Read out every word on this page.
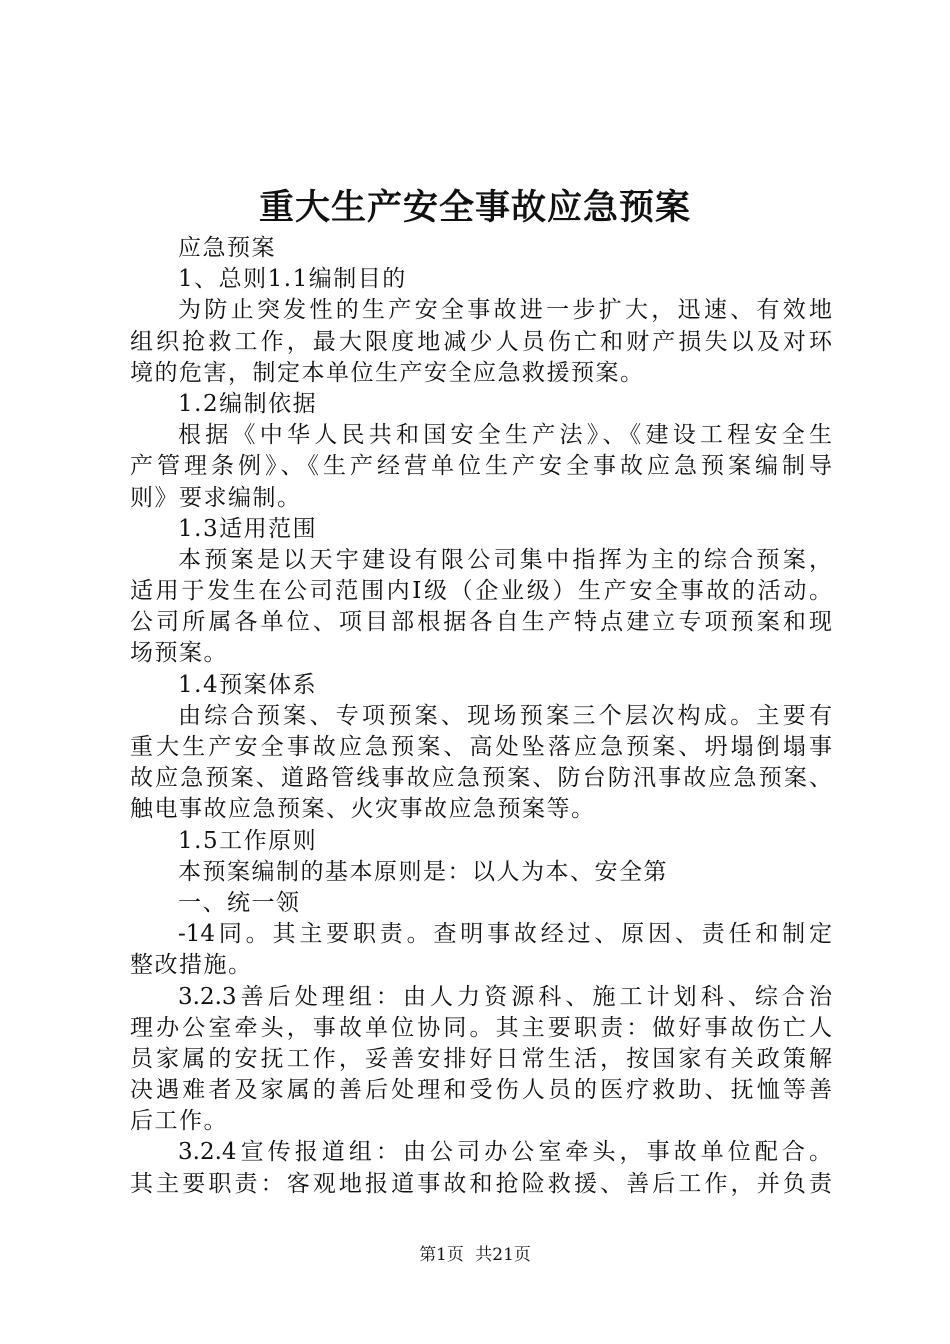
重大生产安全事故应急预案
应急预案
1、总则1.1编制目的
为防止突发性的生产安全事故进一步扩大，迅速、有效地
组织抢救工作，最大限度地减少人员伤亡和财产损失以及对环
境的危害，制定本单位生产安全应急救援预案。
1.2编制依据
根据《中华人民共和国安全生产法》、《建设工程安全生
产管理条例》、《生产经营单位生产安全事故应急预案编制导
则》要求编制。
1.3适用范围
本预案是以天宇建设有限公司集中指挥为主的综合预案，
适用于发生在公司范围内Ⅰ级（企业级）生产安全事故的活动。
公司所属各单位、项目部根据各自生产特点建立专项预案和现
场预案。
1.4预案体系
由综合预案、专项预案、现场预案三个层次构成。主要有
重大生产安全事故应急预案、高处坠落应急预案、坍塌倒塌事
故应急预案、道路管线事故应急预案、防台防汛事故应急预案、
触电事故应急预案、火灾事故应急预案等。
1.5工作原则
本预案编制的基本原则是：以人为本、安全第
一、统一领
-14同。其主要职责。查明事故经过、原因、责任和制定
整改措施。
3.2.3善后处理组：由人力资源科、施工计划科、综合治
理办公室牵头，事故单位协同。其主要职责：做好事故伤亡人
员家属的安抚工作，妥善安排好日常生活，按国家有关政策解
决遇难者及家属的善后处理和受伤人员的医疗救助、抚恤等善
后工作。
3.2.4宣传报道组：由公司办公室牵头，事故单位配合。
其主要职责：客观地报道事故和抢险救援、善后工作，并负责
第1页 共21页
